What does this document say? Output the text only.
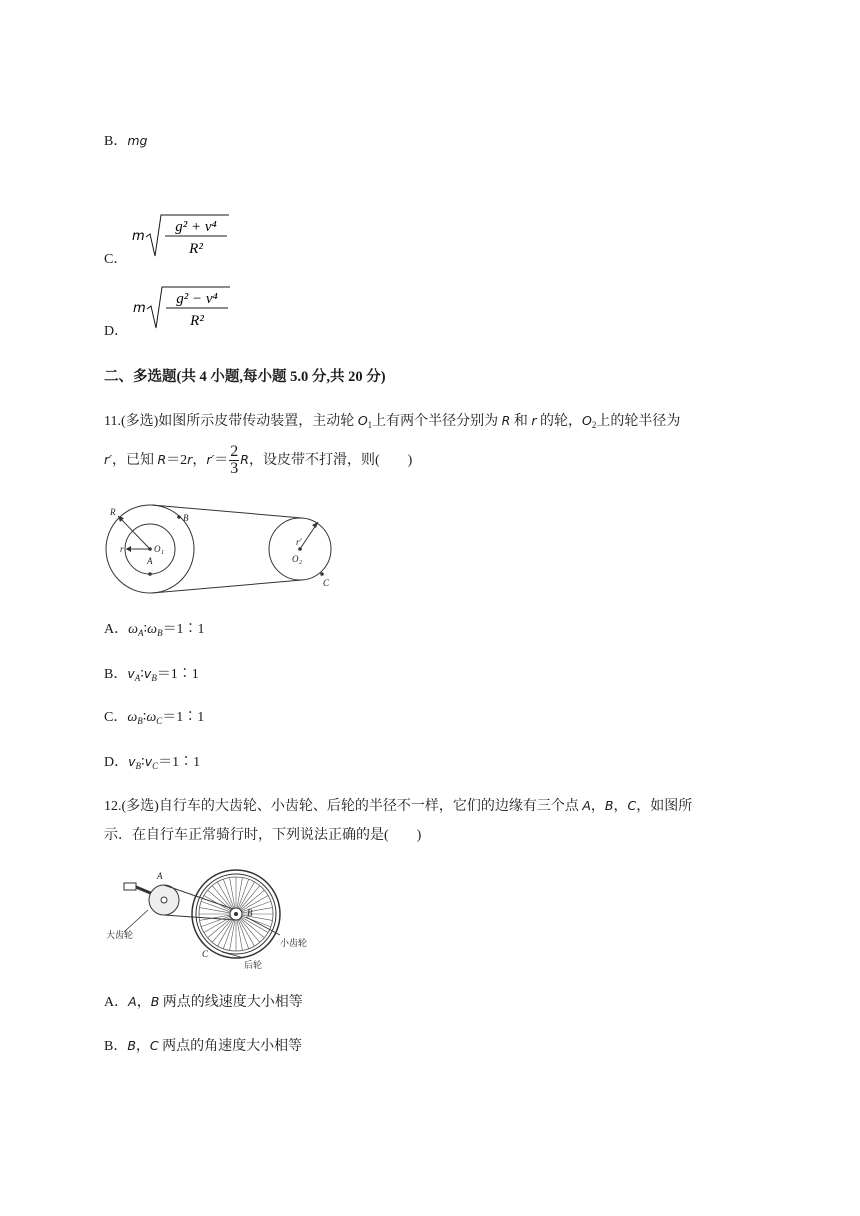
B．mg
C．
m
g² + v⁴
R²
D．
m
g² − v⁴
R²
二、多选题(共 4 小题,每小题 5.0 分,共 20 分)
11.(多选)如图所示皮带传动装置，主动轮 $O_1$上有两个半径分别为 R 和 r 的轮，$O_2$上的轮半径为
r′，已知 R＝2r，$r'= \frac{2}{3}$ R，设皮带不打滑，则(　　)
R
B
r	O 1
A
r′
O 2
C
A．$\omega_A∶\omega_B=1∶1$
B．$v_A∶v_B=1∶1$
C．$\omega_B∶\omega_C=1∶1$
D．$v_B∶v_C=1∶1$
12.(多选)自行车的大齿轮、小齿轮、后轮的半径不一样，它们的边缘有三个点 A，B，C，如图所
示．在自行车正常骑行时，下列说法正确的是(　　)
A
B
C
大齿轮
小齿轮
后轮
A．A，B 两点的线速度大小相等
B．B，C 两点的角速度大小相等
